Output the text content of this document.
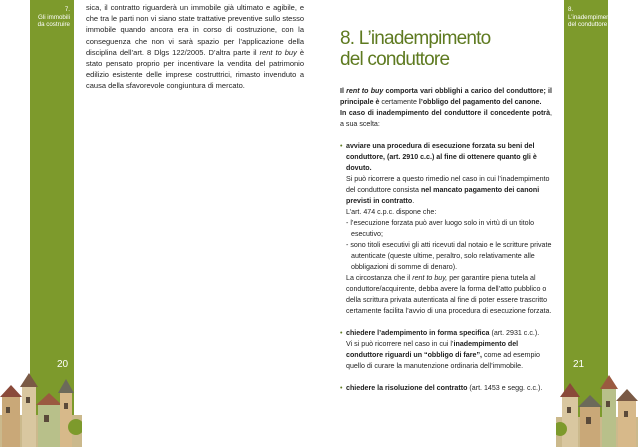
7.
Gli immobili
da costruire
20

sica, il contratto riguarderà un immobile già ultimato e agibile, e che tra le parti non vi siano state trattative preventive sullo stesso immobile quando ancora era in corso di costruzione, con la conseguenza che non vi sarà spazio per l’applicazione della disciplina dell’art. 8 Dlgs 122/2005. D’altra parte il rent to buy è stato pensato proprio per incentivare la vendita del patrimonio edilizio esistente delle imprese costruttrici, rimasto invenduto a causa della sfavorevole congiuntura di mercato.

8.
L’inadempimento
del conduttore
21
8. L’inadempimento
del conduttore

Il rent to buy comporta vari obblighi a carico del conduttore; il principale è certamente l’obbligo del pagamento del canone.

In caso di inadempimento del conduttore il concedente potrà, a sua scelta:

• avviare una procedura di esecuzione forzata su beni del conduttore, (art. 2910 c.c.) al fine di ottenere quanto gli è dovuto.

Si può ricorrere a questo rimedio nel caso in cui l’inadempimento del conduttore consista nel mancato pagamento dei canoni previsti in contratto.

L’art. 474 c.p.c. dispone che:

- l’esecuzione forzata può aver luogo solo in virtù di un titolo esecutivo;

- sono titoli esecutivi gli atti ricevuti dal notaio e le scritture private autenticate (queste ultime, peraltro, solo relativamente alle obbligazioni di somme di denaro).

La circostanza che il rent to buy, per garantire piena tutela al conduttore/acquirente, debba avere la forma dell’atto pubblico o della scrittura privata autenticata al fine di poter essere trascritto certamente facilita l’avvio di una procedura di esecuzione forzata.

• chiedere l’adempimento in forma specifica (art. 2931 c.c.).

Vi si può ricorrere nel caso in cui l’inadempimento del conduttore riguardi un “obbligo di fare”, come ad esempio quello di curare la manutenzione ordinaria dell’immobile.

• chiedere la risoluzione del contratto (art. 1453 e segg. c.c.).
